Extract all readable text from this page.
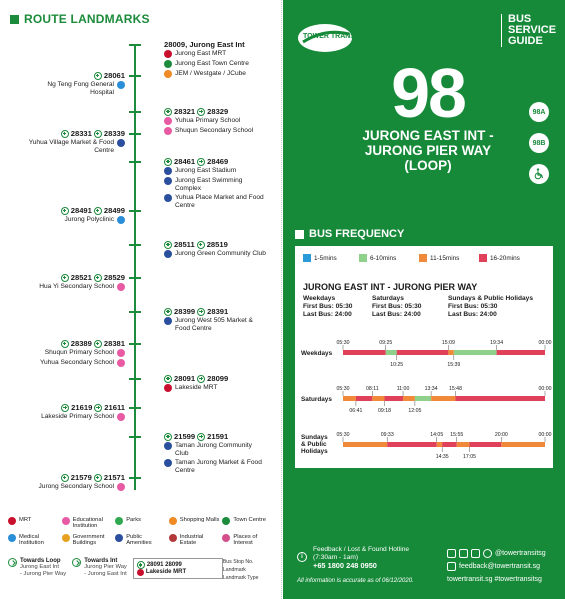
ROUTE LANDMARKS
28009, Jurong East Int
Jurong East MRT
Jurong East Town Centre
JEM / Westgate / JCube
28061
Ng Teng Fong General Hospital
28321 28329
Yuhua Primary School
Shuqun Secondary School
28331 28339
Yuhua Village Market & Food Centre
28461 28469
Jurong East Stadium
Jurong East Swimming Complex
Yuhua Place Market and Food Centre
28491 28499
Jurong Polyclinic
28511 28519
Jurong Green Community Club
28521 28529
Hua Yi Secondary School
28399 28391
Jurong West 505 Market & Food Centre
28389 28381
Shuqun Primary School
Yuhua Secondary School
28091 28099
Lakeside MRT
21619 21611
Lakeside Primary School
21599 21591
Taman Jurong Community Club
Taman Jurong Market & Food Centre
21579 21571
Jurong Secondary School
MRT	Educational Institution
Parks	Shopping Malls Town Centre
Medical Institution
Government Buildings
Public Amenities
Industrial Estate
Places of Interest
Towards Loop
Jurong East Int
- Jurong Pier Way
Towards Int
Jurong Pier Way
- Jurong East Int
28091 28099
Lakeside MRT
Bus Stop No.
Landmark
Landmark Type
TOWER TRANSIT
BUS
SERVICE
GUIDE
98
JURONG EAST INT -
JURONG PIER WAY
(LOOP)
98A
98B
BUS FREQUENCY
1-5mins	6-10mins	11-15mins	16-20mins
JURONG EAST INT - JURONG PIER WAY
Weekdays
First Bus: 05:30
Last Bus: 24:00
Saturdays
First Bus: 05:30
Last Bus: 24:00
Sundays & Public Holidays
First Bus: 05:30
Last Bus: 24:00
Weekdays
05:30	09:25	15:09	19:34	00:00
10:25	15:39
Saturdays
05:30	08:11	11:00	13:34 15:48	00:00
06:41	09:18	12:05
Sundays & Public Holidays
05:30	09:33	14:05 15:55	20:00	00:00
14:35	17:05
i
Feedback / Lost & Found Hotline
(7:30am - 1am)
+65 1800 248 0950
All information is accurate as of 06/12/2020.
@towertransitsg
feedback@towertransit.sg
towertransit.sg #towertransitsg
